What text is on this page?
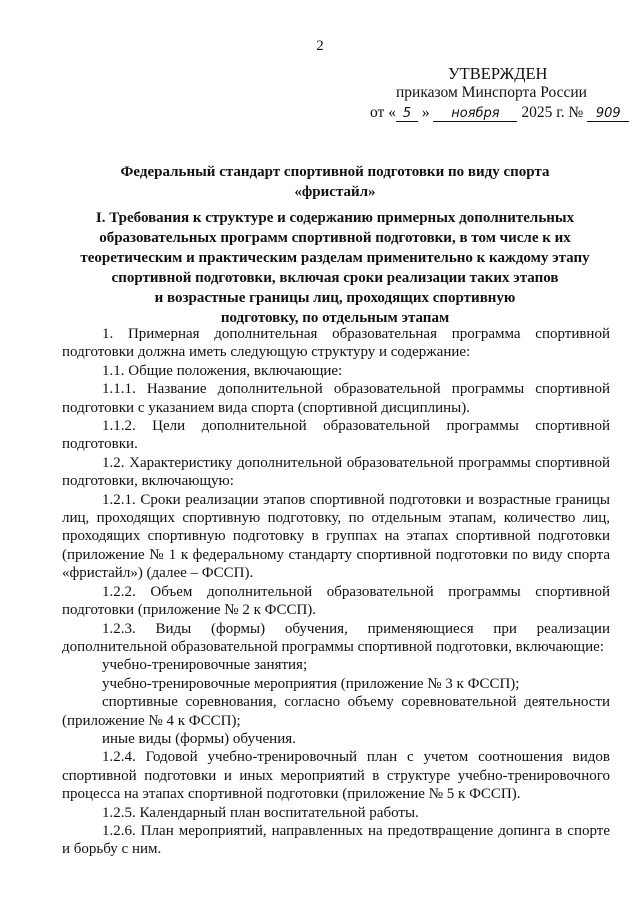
2
УТВЕРЖДЕН
приказом Минспорта России
от « 5 » ноября 2025 г. № 909
Федеральный стандарт спортивной подготовки по виду спорта
«фристайл»
I. Требования к структуре и содержанию примерных дополнительных
образовательных программ спортивной подготовки, в том числе к их
теоретическим и практическим разделам применительно к каждому этапу
спортивной подготовки, включая сроки реализации таких этапов
и возрастные границы лиц, проходящих спортивную
подготовку, по отдельным этапам

1. Примерная дополнительная образовательная программа спортивной подготовки должна иметь следующую структуру и содержание:

1.1. Общие положения, включающие:

1.1.1. Название дополнительной образовательной программы спортивной подготовки с указанием вида спорта (спортивной дисциплины).

1.1.2. Цели дополнительной образовательной программы спортивной подготовки.

1.2. Характеристику дополнительной образовательной программы спортивной подготовки, включающую:

1.2.1. Сроки реализации этапов спортивной подготовки и возрастные границы лиц, проходящих спортивную подготовку, по отдельным этапам, количество лиц, проходящих спортивную подготовку в группах на этапах спортивной подготовки (приложение № 1 к федеральному стандарту спортивной подготовки по виду спорта «фристайл») (далее – ФССП).

1.2.2. Объем дополнительной образовательной программы спортивной подготовки (приложение № 2 к ФССП).

1.2.3. Виды (формы) обучения, применяющиеся при реализации дополнительной образовательной программы спортивной подготовки, включающие:

учебно-тренировочные занятия;

учебно-тренировочные мероприятия (приложение № 3 к ФССП);

спортивные соревнования, согласно объему соревновательной деятельности (приложение № 4 к ФССП);

иные виды (формы) обучения.

1.2.4. Годовой учебно-тренировочный план с учетом соотношения видов спортивной подготовки и иных мероприятий в структуре учебно-тренировочного процесса на этапах спортивной подготовки (приложение № 5 к ФССП).

1.2.5. Календарный план воспитательной работы.

1.2.6. План мероприятий, направленных на предотвращение допинга в спорте и борьбу с ним.
